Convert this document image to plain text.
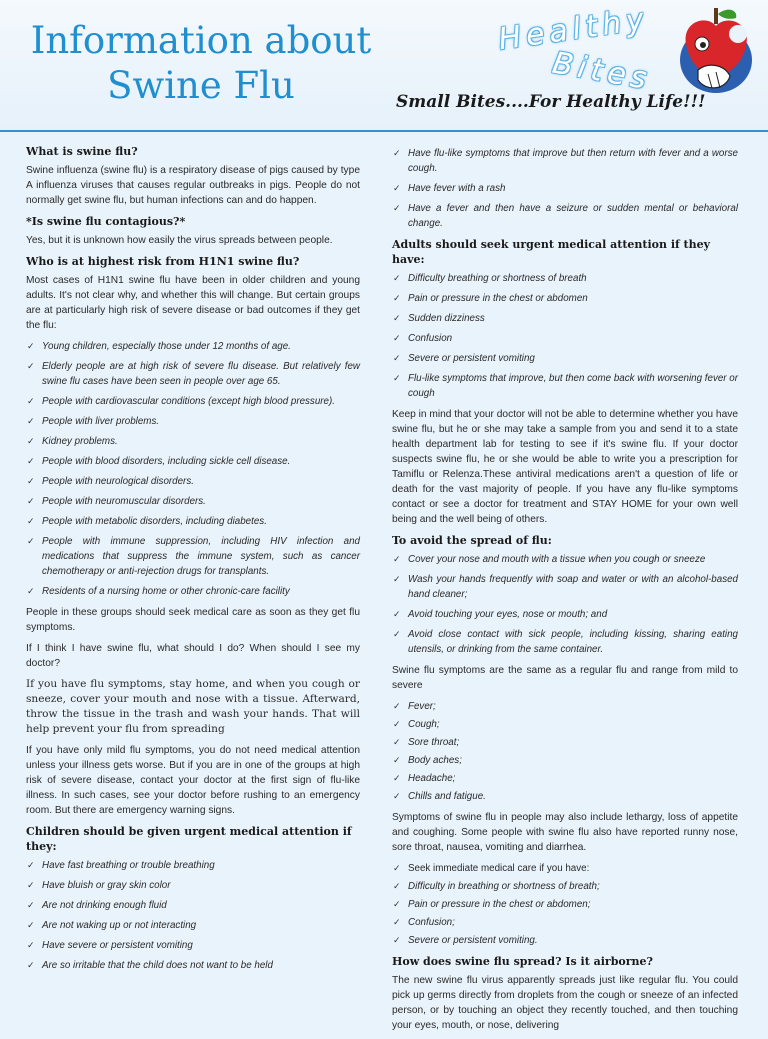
Information about
Swine Flu
Healthy
Bites
Small Bites....For Healthy Life!!!
What is swine flu?

Swine influenza (swine flu) is a respiratory disease of pigs caused by type A influenza viruses that causes regular outbreaks in pigs. People do not normally get swine flu, but human infections can and do happen.

*Is swine flu contagious?*

Yes, but it is unknown how easily the virus spreads between people.

Who is at highest risk from H1N1 swine flu?

Most cases of H1N1 swine flu have been in older children and young adults. It's not clear why, and whether this will change. But certain groups are at particularly high risk of severe disease or bad outcomes if they get the flu:

✓ Young children, especially those under 12 months of age.
✓ Elderly people are at high risk of severe flu disease. But relatively few swine flu cases have been seen in people over age 65.
✓ People with cardiovascular conditions (except high blood pressure).
✓ People with liver problems.
✓ Kidney problems.
✓ People with blood disorders, including sickle cell disease.
✓ People with neurological disorders.
✓ People with neuromuscular disorders.
✓ People with metabolic disorders, including diabetes.
✓ People with immune suppression, including HIV infection and medications that suppress the immune system, such as cancer chemotherapy or anti-rejection drugs for transplants.
✓ Residents of a nursing home or other chronic-care facility

People in these groups should seek medical care as soon as they get flu symptoms.

If I think I have swine flu, what should I do? When should I see my doctor?

If you have flu symptoms, stay home, and when you cough or sneeze, cover your mouth and nose with a tissue. Afterward, throw the tissue in the trash and wash your hands. That will help prevent your flu from spreading

If you have only mild flu symptoms, you do not need medical attention unless your illness gets worse. But if you are in one of the groups at high risk of severe disease, contact your doctor at the first sign of flu-like illness. In such cases, see your doctor before rushing to an emergency room. But there are emergency warning signs.

Children should be given urgent medical attention if they:
✓ Have fast breathing or trouble breathing
✓ Have bluish or gray skin color
✓ Are not drinking enough fluid
✓ Are not waking up or not interacting
✓ Have severe or persistent vomiting
✓ Are so irritable that the child does not want to be held
✓ Have flu-like symptoms that improve but then return with fever and a worse cough.
✓ Have fever with a rash
✓ Have a fever and then have a seizure or sudden mental or behavioral change.
Adults should seek urgent medical attention if they have:
✓ Difficulty breathing or shortness of breath
✓ Pain or pressure in the chest or abdomen
✓ Sudden dizziness
✓ Confusion
✓ Severe or persistent vomiting
✓ Flu-like symptoms that improve, but then come back with worsening fever or cough

Keep in mind that your doctor will not be able to determine whether you have swine flu, but he or she may take a sample from you and send it to a state health department lab for testing to see if it's swine flu. If your doctor suspects swine flu, he or she would be able to write you a prescription for Tamiflu or Relenza.These antiviral medications aren't a question of life or death for the vast majority of people. If you have any flu-like symptoms contact or see a doctor for treatment and STAY HOME for your own well being and the well being of others.

To avoid the spread of flu:
✓ Cover your nose and mouth with a tissue when you cough or sneeze
✓ Wash your hands frequently with soap and water or with an alcohol-based hand cleaner;
✓ Avoid touching your eyes, nose or mouth; and
✓ Avoid close contact with sick people, including kissing, sharing eating utensils, or drinking from the same container.

Swine flu symptoms are the same as a regular flu and range from mild to severe

✓ Fever;
✓ Cough;
✓ Sore throat;
✓ Body aches;
✓ Headache;
✓ Chills and fatigue.

Symptoms of swine flu in people may also include lethargy, loss of appetite and coughing. Some people with swine flu also have reported runny nose, sore throat, nausea, vomiting and diarrhea.

✓ Seek immediate medical care if you have:
✓ Difficulty in breathing or shortness of breath;
✓ Pain or pressure in the chest or abdomen;
✓ Confusion;
✓ Severe or persistent vomiting.
How does swine flu spread? Is it airborne?

The new swine flu virus apparently spreads just like regular flu. You could pick up germs directly from droplets from the cough or sneeze of an infected person, or by touching an object they recently touched, and then touching your eyes, mouth, or nose, delivering
